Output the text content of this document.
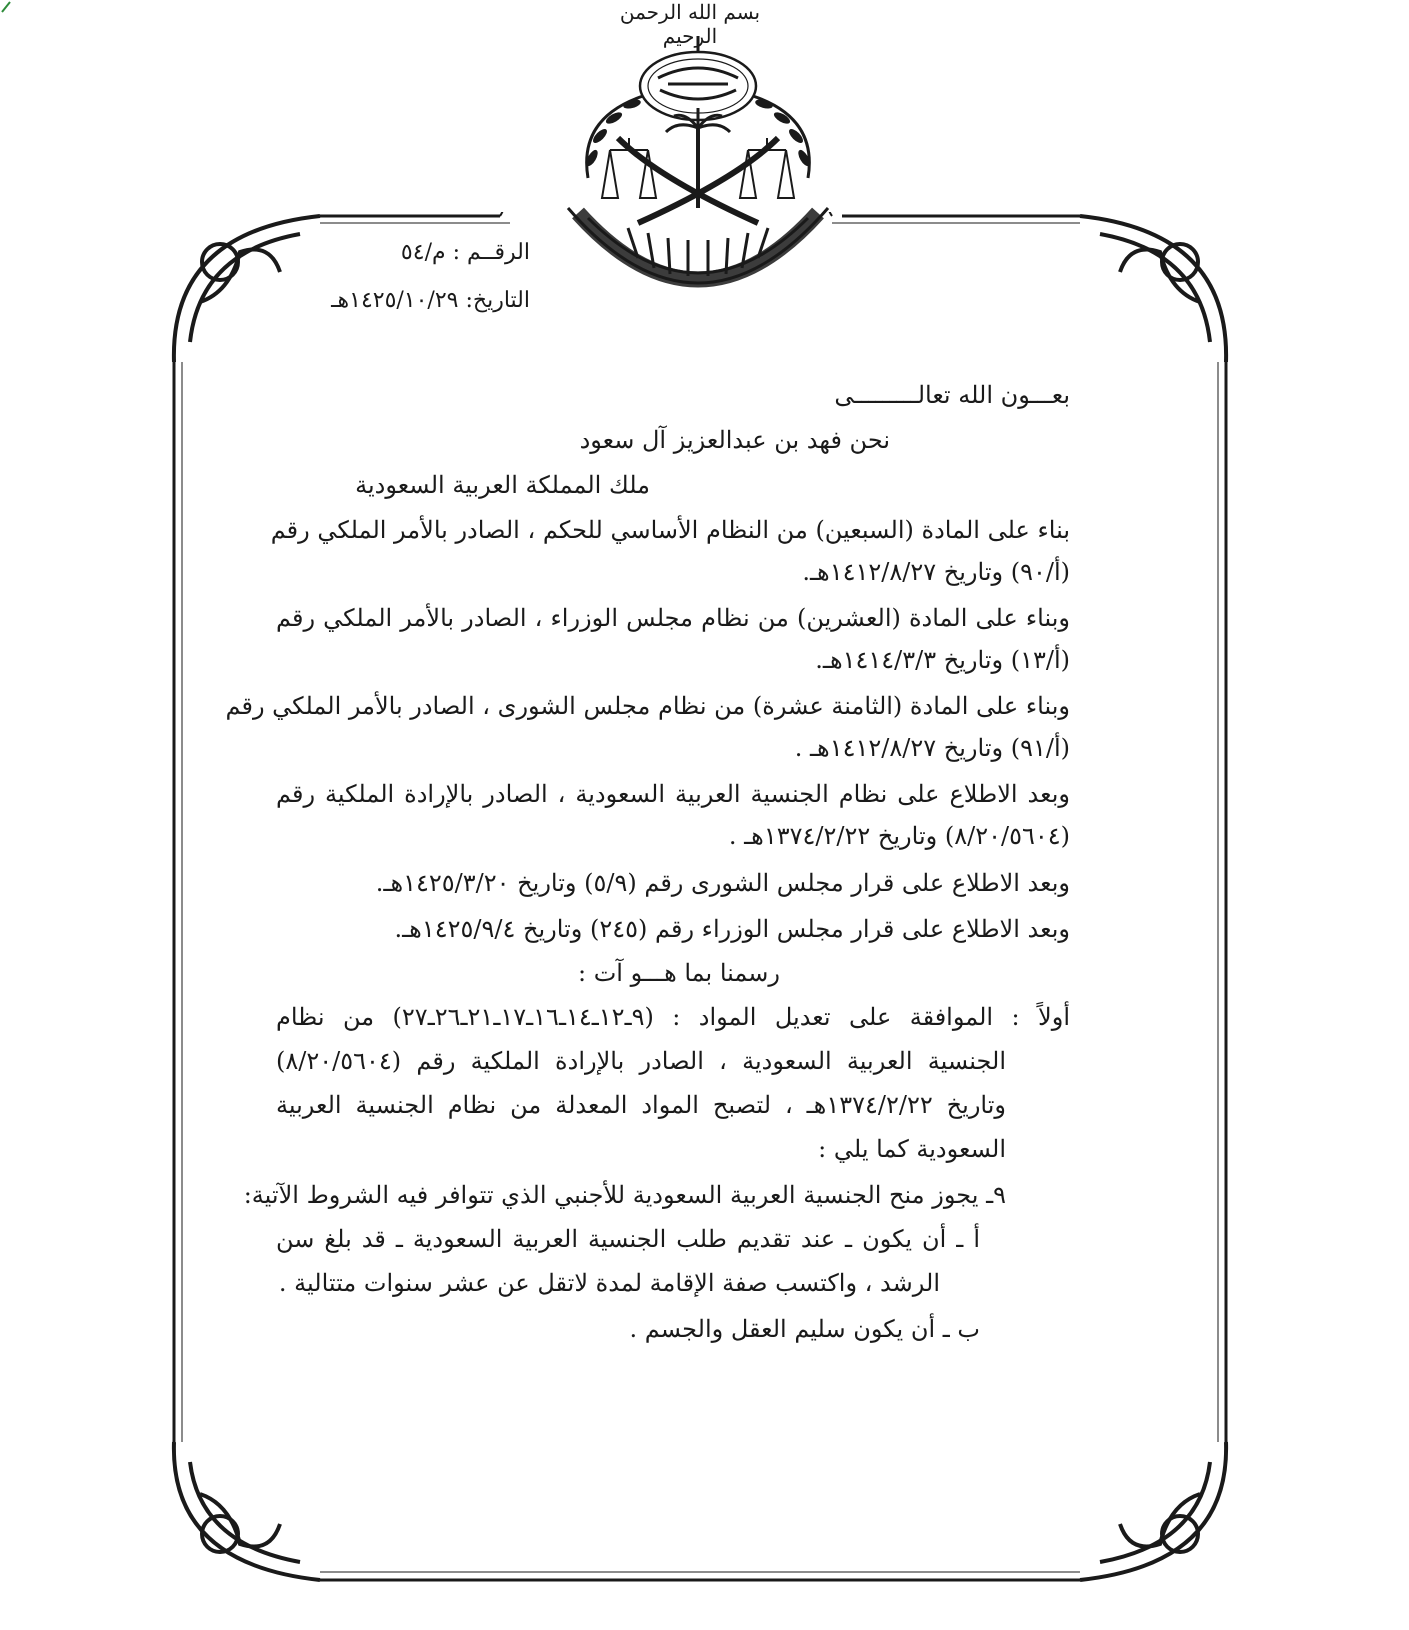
بسم الله الرحمن الرحيم
الرقــم : م/٥٤
التاريخ: ١٤٢٥/١٠/٢٩هـ
بعـــون الله تعالـــــــــى
نحن فهد بن عبدالعزيز آل سعود
ملك المملكة العربية السعودية
بناء على المادة (السبعين) من النظام الأساسي للحكم ، الصادر بالأمر الملكي رقم
(أ/٩٠) وتاريخ ١٤١٢/٨/٢٧هـ.
وبناء على المادة (العشرين) من نظام مجلس الوزراء ، الصادر بالأمر الملكي رقم
(أ/١٣) وتاريخ ١٤١٤/٣/٣هـ.
وبناء على المادة (الثامنة عشرة) من نظام مجلس الشورى ، الصادر بالأمر الملكي رقم
(أ/٩١) وتاريخ ١٤١٢/٨/٢٧هـ .
وبعد الاطلاع على نظام الجنسية العربية السعودية ، الصادر بالإرادة الملكية رقم
(٨/٢٠/٥٦٠٤) وتاريخ ١٣٧٤/٢/٢٢هـ .
وبعد الاطلاع على قرار مجلس الشورى رقم (٥/٩) وتاريخ ١٤٢٥/٣/٢٠هـ.
وبعد الاطلاع على قرار مجلس الوزراء رقم (٢٤٥) وتاريخ ١٤٢٥/٩/٤هـ.
رسمنا بما هـــو آت :
أولاً : الموافقة على تعديل المواد : (٩ـ١٢ـ١٤ـ١٦ـ١٧ـ٢١ـ٢٦ـ٢٧) من نظام
الجنسية العربية السعودية ، الصادر بالإرادة الملكية رقم (٨/٢٠/٥٦٠٤)
وتاريخ ١٣٧٤/٢/٢٢هـ ، لتصبح المواد المعدلة من نظام الجنسية العربية
السعودية كما يلي :
٩ـ يجوز منح الجنسية العربية السعودية للأجنبي الذي تتوافر فيه الشروط الآتية:
أ ـ أن يكون ـ عند تقديم طلب الجنسية العربية السعودية ـ قد بلغ سن
الرشد ، واكتسب صفة الإقامة لمدة لاتقل عن عشر سنوات متتالية .
ب ـ أن يكون سليم العقل والجسم .
